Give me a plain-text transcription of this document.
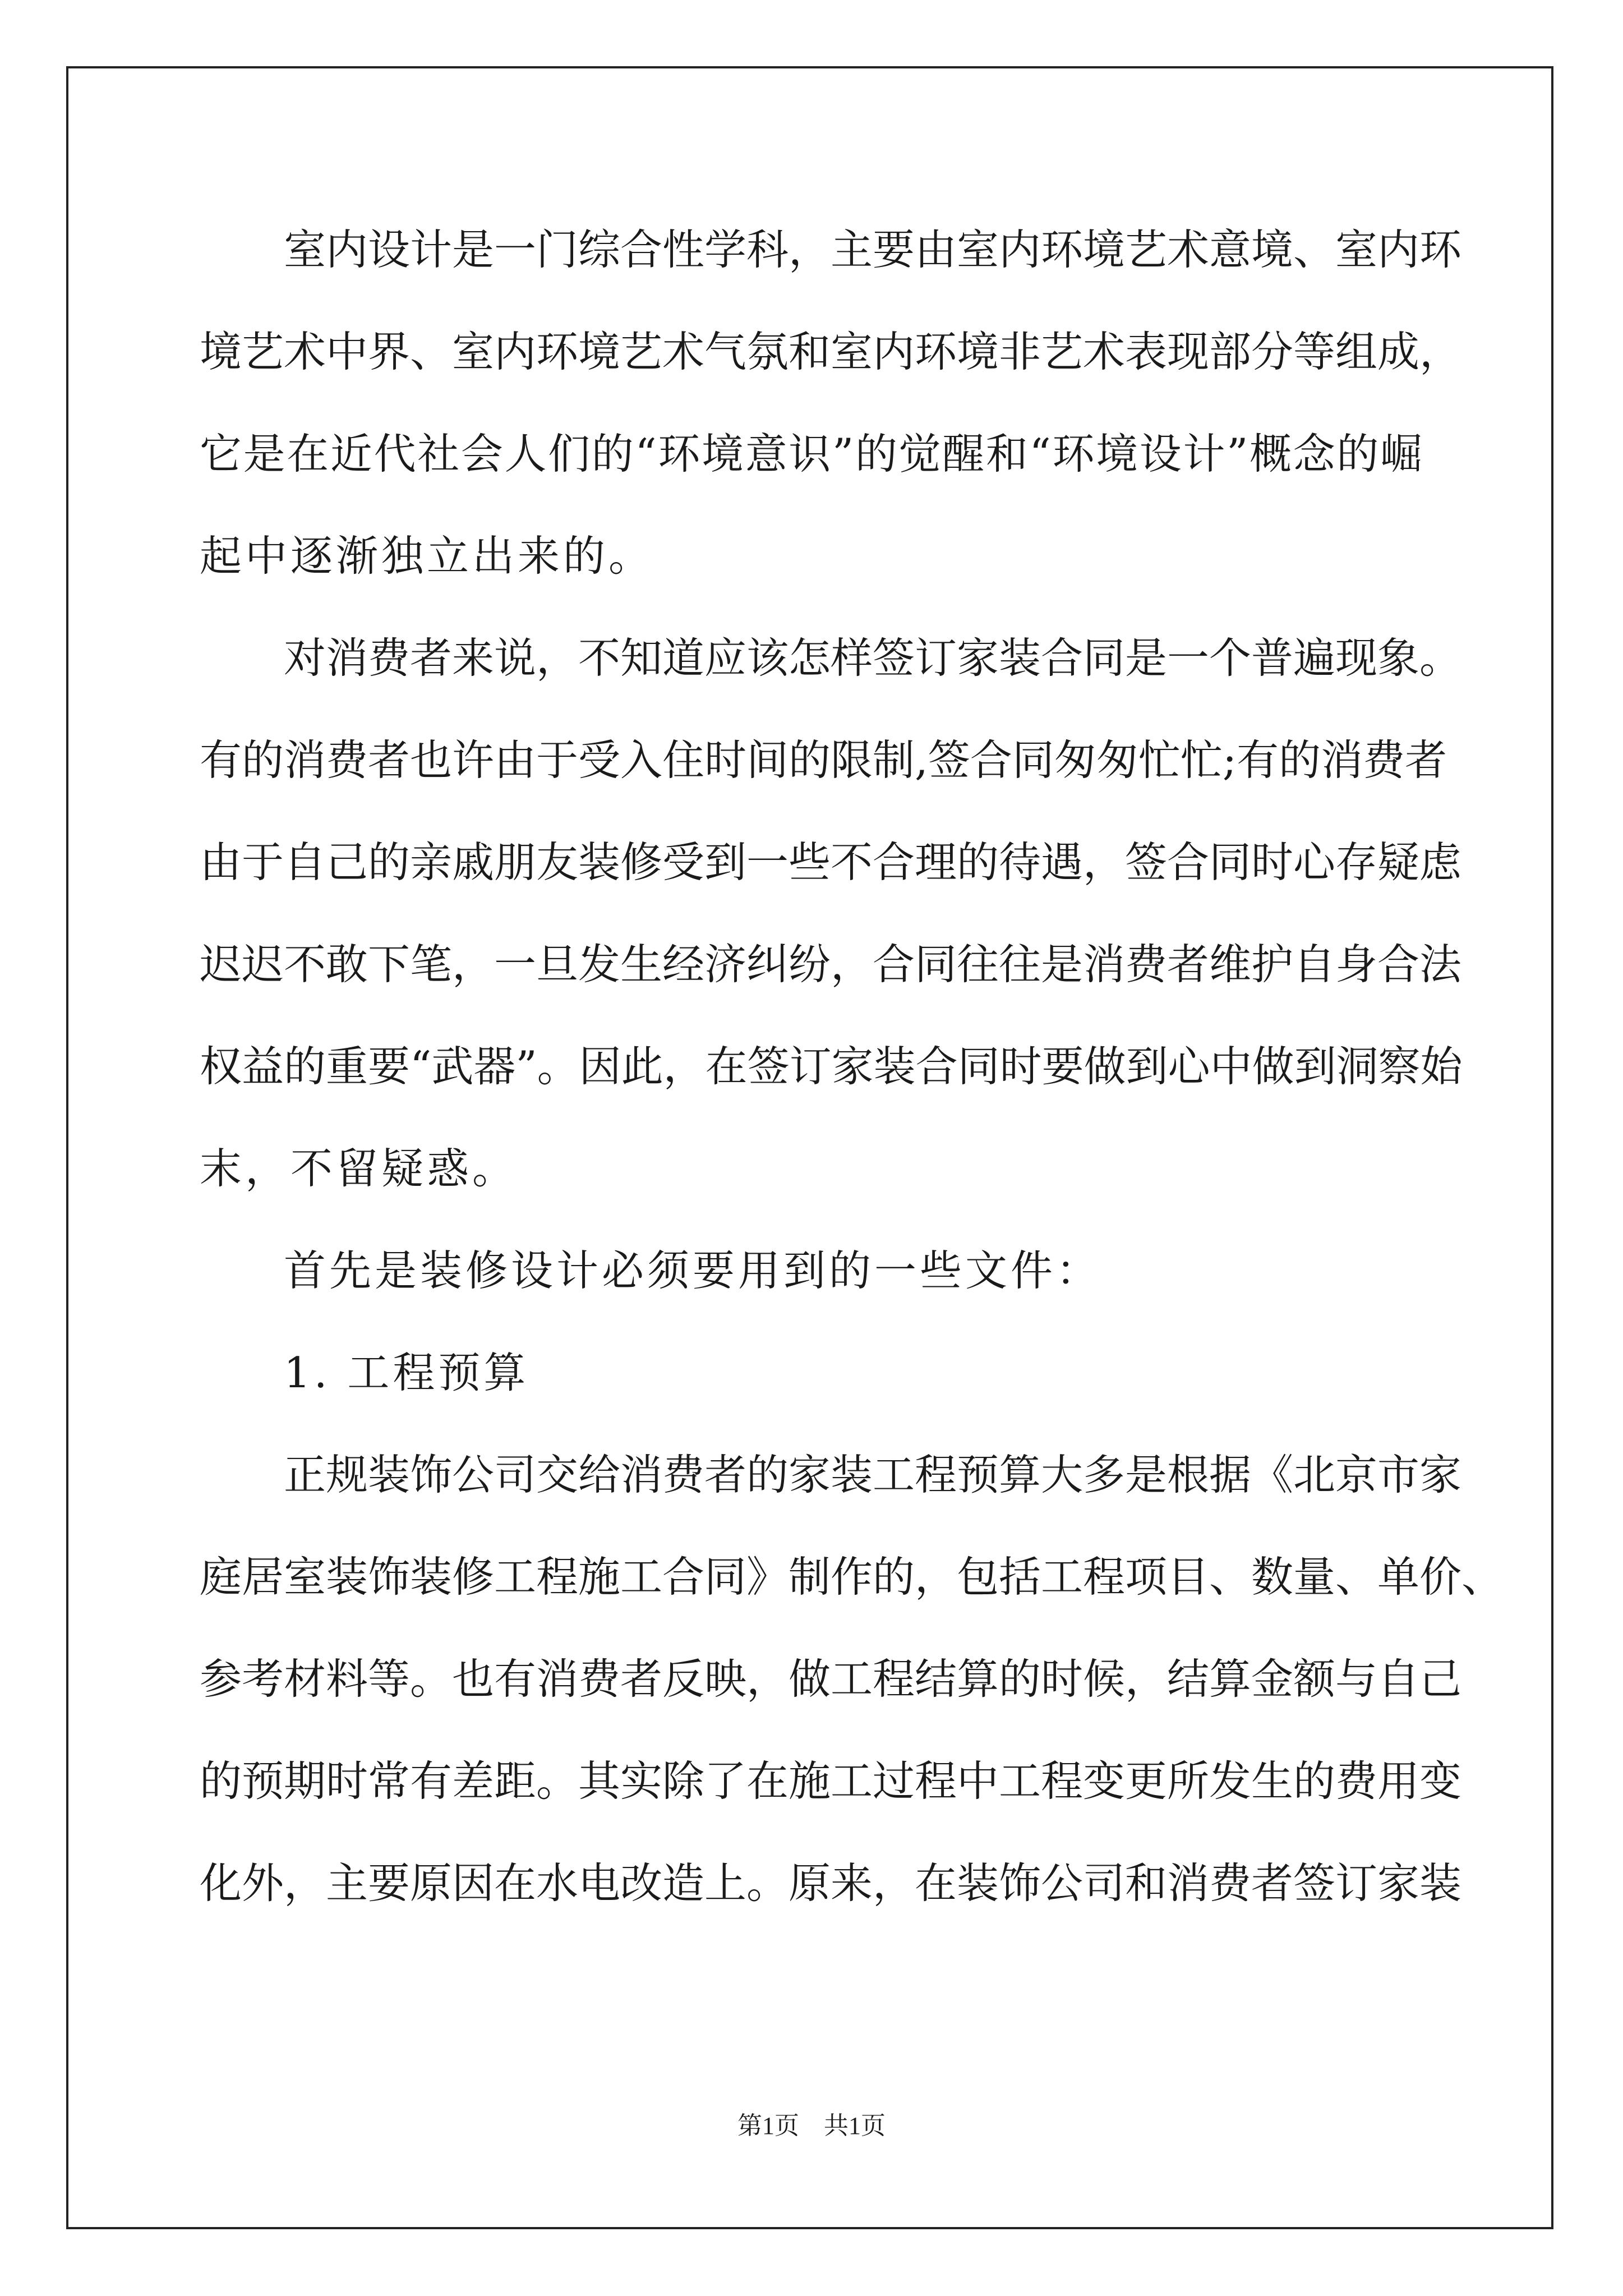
室内设计是一门综合性学科，主要由室内环境艺术意境、室内环
境艺术中界、室内环境艺术气氛和室内环境非艺术表现部分等组成，
它是在近代社会人们的“环境意识”的觉醒和“环境设计”概念的崛
起中逐渐独立出来的。
对消费者来说，不知道应该怎样签订家装合同是一个普遍现象。
有的消费者也许由于受入住时间的限制,签合同匆匆忙忙;有的消费者
由于自己的亲戚朋友装修受到一些不合理的待遇，签合同时心存疑虑
迟迟不敢下笔，一旦发生经济纠纷，合同往往是消费者维护自身合法
权益的重要“武器”。因此，在签订家装合同时要做到心中做到洞察始
末，不留疑惑。
首先是装修设计必须要用到的一些文件：
1. 工程预算
正规装饰公司交给消费者的家装工程预算大多是根据《北京市家
庭居室装饰装修工程施工合同》制作的，包括工程项目、数量、单价、
参考材料等。也有消费者反映，做工程结算的时候，结算金额与自己
的预期时常有差距。其实除了在施工过程中工程变更所发生的费用变
化外，主要原因在水电改造上。原来，在装饰公司和消费者签订家装
第1页　共1页
